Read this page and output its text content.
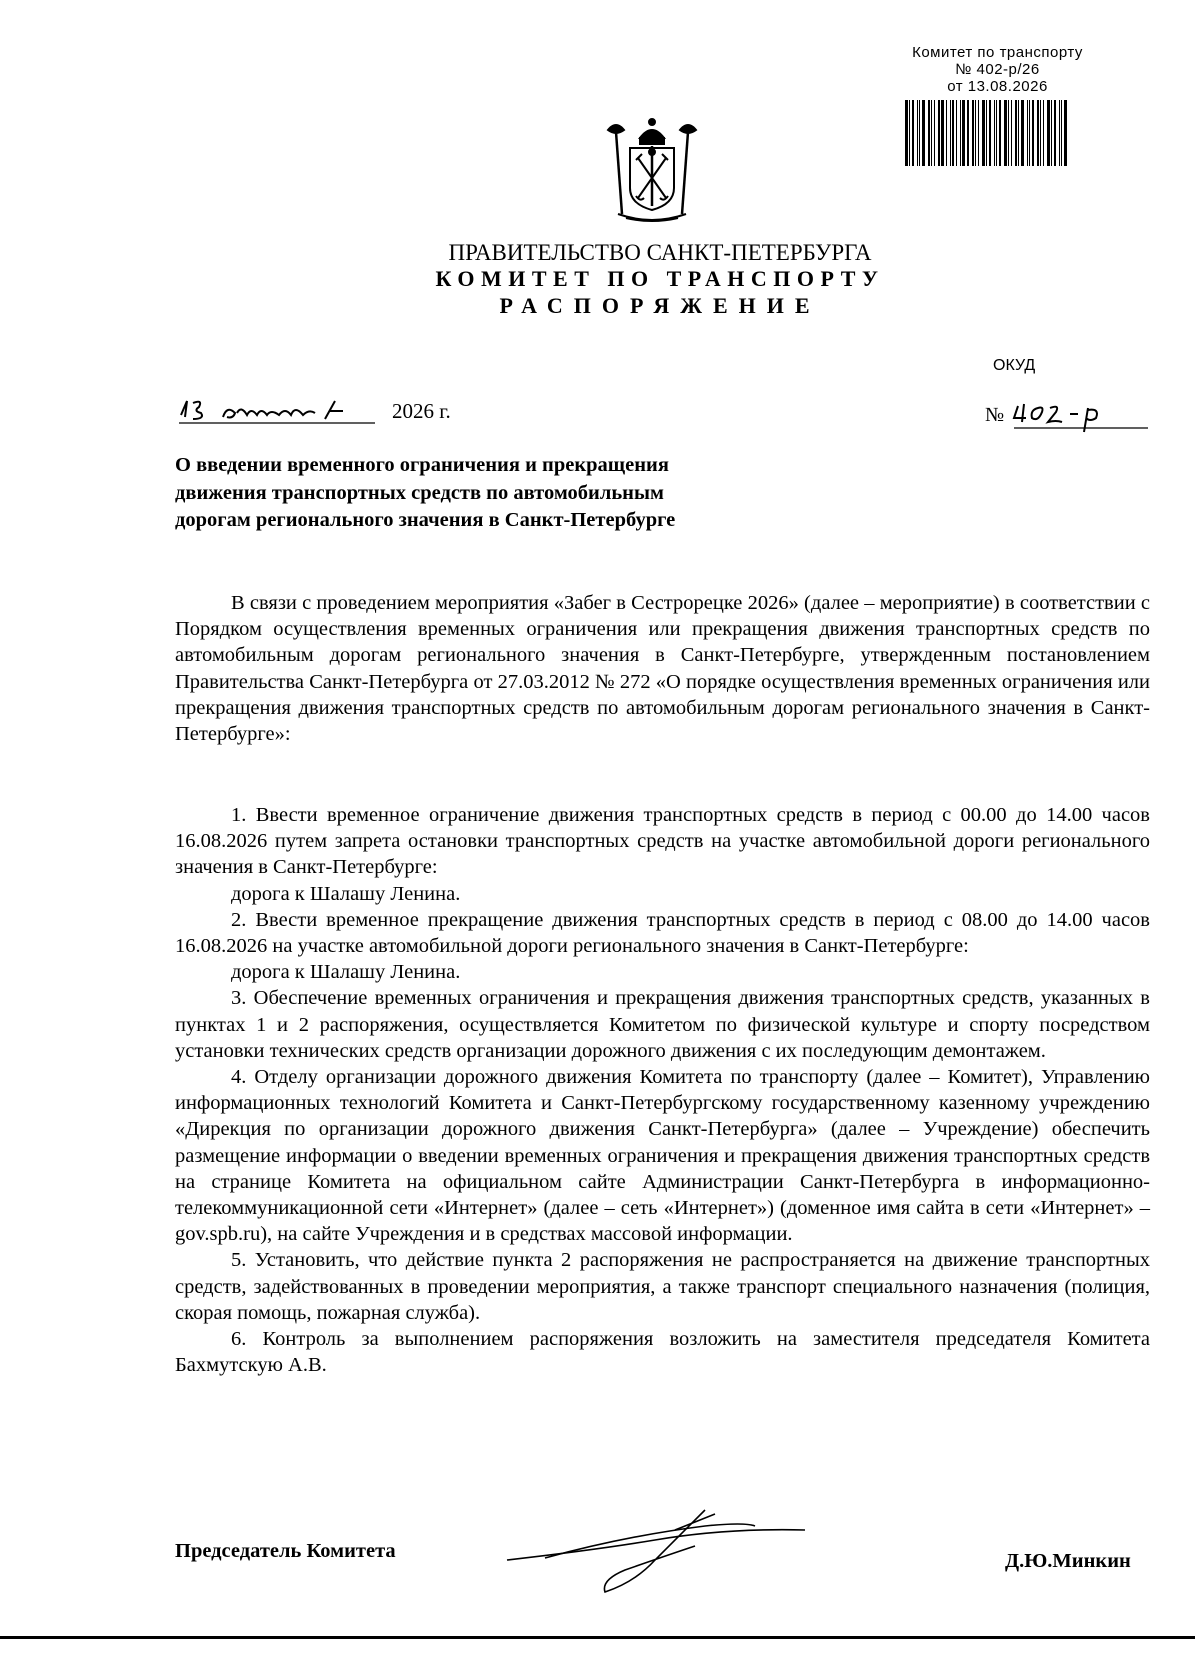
Комитет по транспорту
№ 402-р/26
от 13.08.2026
ПРАВИТЕЛЬСТВО САНКТ-ПЕТЕРБУРГА
КОМИТЕТ ПО ТРАНСПОРТУ
РАСПОРЯЖЕНИЕ
ОКУД
2026 г.	№
О введении временного ограничения и прекращения движения транспортных средств по автомобильным дорогам регионального значения в Санкт-Петербурге

В связи с проведением мероприятия «Забег в Сестрорецке 2026» (далее – мероприятие) в соответствии с Порядком осуществления временных ограничения или прекращения движения транспортных средств по автомобильным дорогам регионального значения в Санкт-Петербурге, утвержденным постановлением Правительства Санкт-Петербурга от 27.03.2012 № 272 «О порядке осуществления временных ограничения или прекращения движения транспортных средств по автомобильным дорогам регионального значения в Санкт-Петербурге»:

1. Ввести временное ограничение движения транспортных средств в период с 00.00 до 14.00 часов 16.08.2026 путем запрета остановки транспортных средств на участке автомобильной дороги регионального значения в Санкт-Петербурге:

дорога к Шалашу Ленина.

2. Ввести временное прекращение движения транспортных средств в период с 08.00 до 14.00 часов 16.08.2026 на участке автомобильной дороги регионального значения в Санкт-Петербурге:

дорога к Шалашу Ленина.

3. Обеспечение временных ограничения и прекращения движения транспортных средств, указанных в пунктах 1 и 2 распоряжения, осуществляется Комитетом по физической культуре и спорту посредством установки технических средств организации дорожного движения с их последующим демонтажем.

4. Отделу организации дорожного движения Комитета по транспорту (далее – Комитет), Управлению информационных технологий Комитета и Санкт-Петербургскому государственному казенному учреждению «Дирекция по организации дорожного движения Санкт-Петербурга» (далее – Учреждение) обеспечить размещение информации о введении временных ограничения и прекращения движения транспортных средств на странице Комитета на официальном сайте Администрации Санкт-Петербурга в информационно-телекоммуникационной сети «Интернет» (далее – сеть «Интернет») (доменное имя сайта в сети «Интернет» – gov.spb.ru), на сайте Учреждения и в средствах массовой информации.

5. Установить, что действие пункта 2 распоряжения не распространяется на движение транспортных средств, задействованных в проведении мероприятия, а также транспорт специального назначения (полиция, скорая помощь, пожарная служба).

6. Контроль за выполнением распоряжения возложить на заместителя председателя Комитета Бахмутскую А.В.

Председатель Комитета	Д.Ю.Минкин
